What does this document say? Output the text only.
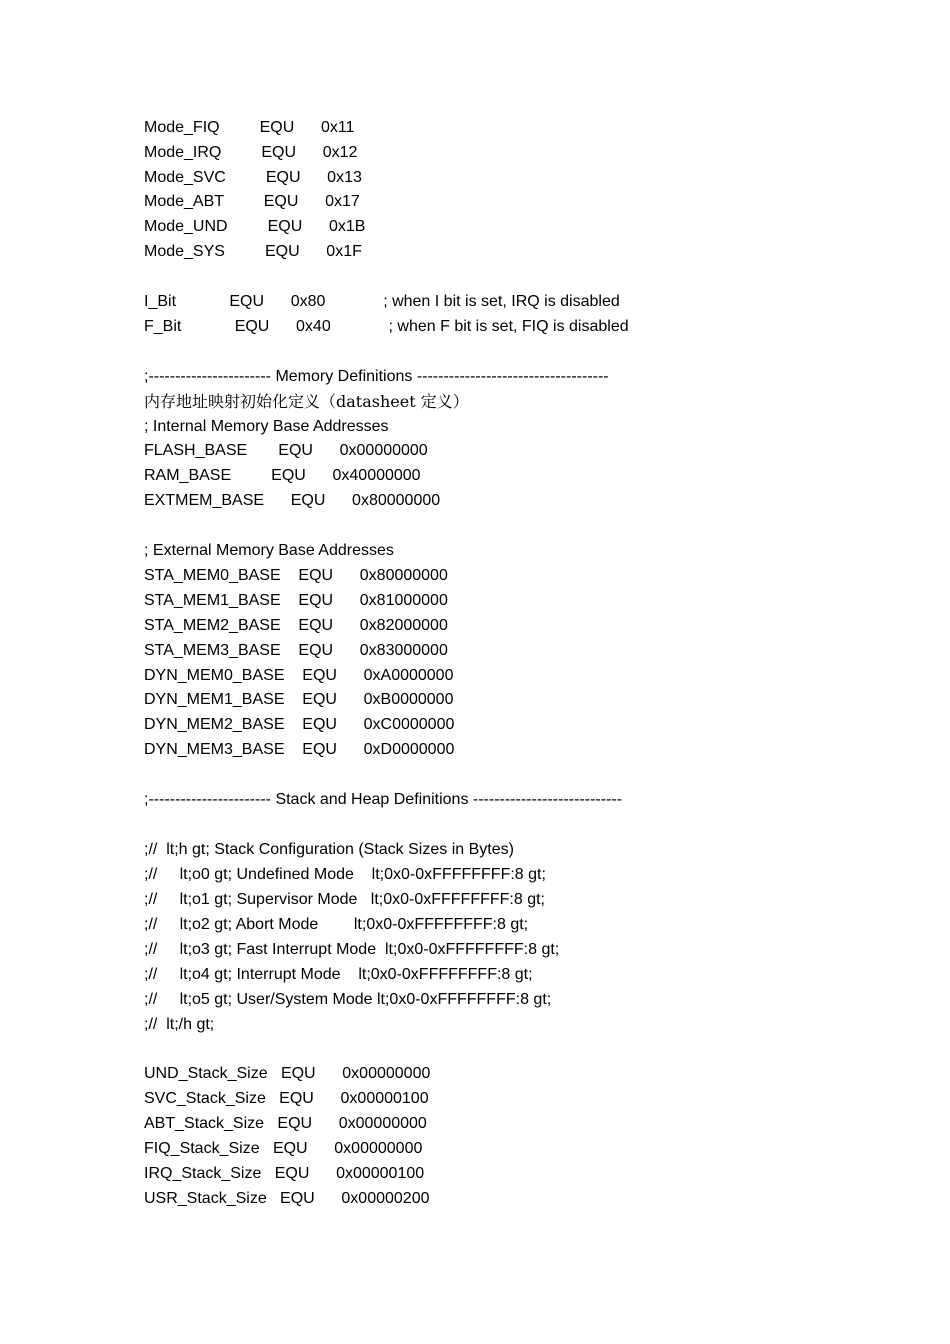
Mode_FIQ         EQU      0x11

Mode_IRQ         EQU      0x12

Mode_SVC         EQU      0x13

Mode_ABT         EQU      0x17

Mode_UND         EQU      0x1B

Mode_SYS         EQU      0x1F

I_Bit            EQU      0x80             ; when I bit is set, IRQ is disabled

F_Bit            EQU      0x40             ; when F bit is set, FIQ is disabled

;----------------------- Memory Definitions ------------------------------------

内存地址映射初始化定义（datasheet 定义）

; Internal Memory Base Addresses

FLASH_BASE       EQU      0x00000000

RAM_BASE         EQU      0x40000000

EXTMEM_BASE      EQU      0x80000000

; External Memory Base Addresses

STA_MEM0_BASE    EQU      0x80000000

STA_MEM1_BASE    EQU      0x81000000

STA_MEM2_BASE    EQU      0x82000000

STA_MEM3_BASE    EQU      0x83000000

DYN_MEM0_BASE    EQU      0xA0000000

DYN_MEM1_BASE    EQU      0xB0000000

DYN_MEM2_BASE    EQU      0xC0000000

DYN_MEM3_BASE    EQU      0xD0000000

;----------------------- Stack and Heap Definitions ----------------------------

;//  lt;h gt; Stack Configuration (Stack Sizes in Bytes)

;//     lt;o0 gt; Undefined Mode    lt;0x0-0xFFFFFFFF:8 gt;

;//     lt;o1 gt; Supervisor Mode   lt;0x0-0xFFFFFFFF:8 gt;

;//     lt;o2 gt; Abort Mode        lt;0x0-0xFFFFFFFF:8 gt;

;//     lt;o3 gt; Fast Interrupt Mode  lt;0x0-0xFFFFFFFF:8 gt;

;//     lt;o4 gt; Interrupt Mode    lt;0x0-0xFFFFFFFF:8 gt;

;//     lt;o5 gt; User/System Mode lt;0x0-0xFFFFFFFF:8 gt;

;//  lt;/h gt;

UND_Stack_Size   EQU      0x00000000

SVC_Stack_Size   EQU      0x00000100

ABT_Stack_Size   EQU      0x00000000

FIQ_Stack_Size   EQU      0x00000000

IRQ_Stack_Size   EQU      0x00000100

USR_Stack_Size   EQU      0x00000200
